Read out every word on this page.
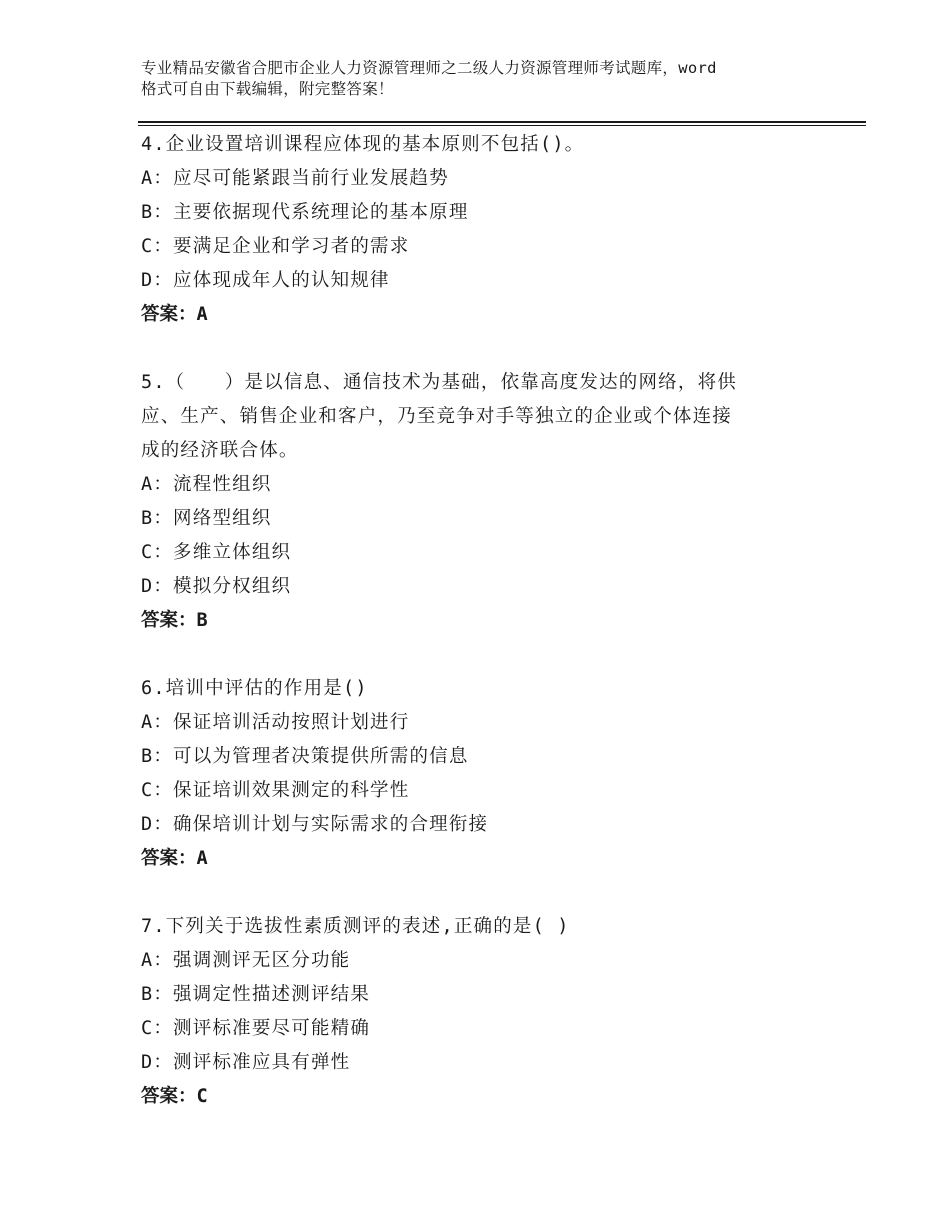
专业精品安徽省合肥市企业人力资源管理师之二级人力资源管理师考试题库，word
格式可自由下载编辑，附完整答案！

4.企业设置培训课程应体现的基本原则不包括()。

A：应尽可能紧跟当前行业发展趋势

B：主要依据现代系统理论的基本原理

C：要满足企业和学习者的需求

D：应体现成年人的认知规律

答案：A

5.（　　）是以信息、通信技术为基础，依靠高度发达的网络，将供

应、生产、销售企业和客户，乃至竞争对手等独立的企业或个体连接

成的经济联合体。

A：流程性组织

B：网络型组织

C：多维立体组织

D：模拟分权组织

答案：B

6.培训中评估的作用是()

A：保证培训活动按照计划进行

B：可以为管理者决策提供所需的信息

C：保证培训效果测定的科学性

D：确保培训计划与实际需求的合理衔接

答案：A

7.下列关于选拔性素质测评的表述,正确的是( )

A：强调测评无区分功能

B：强调定性描述测评结果

C：测评标准要尽可能精确

D：测评标准应具有弹性

答案：C
